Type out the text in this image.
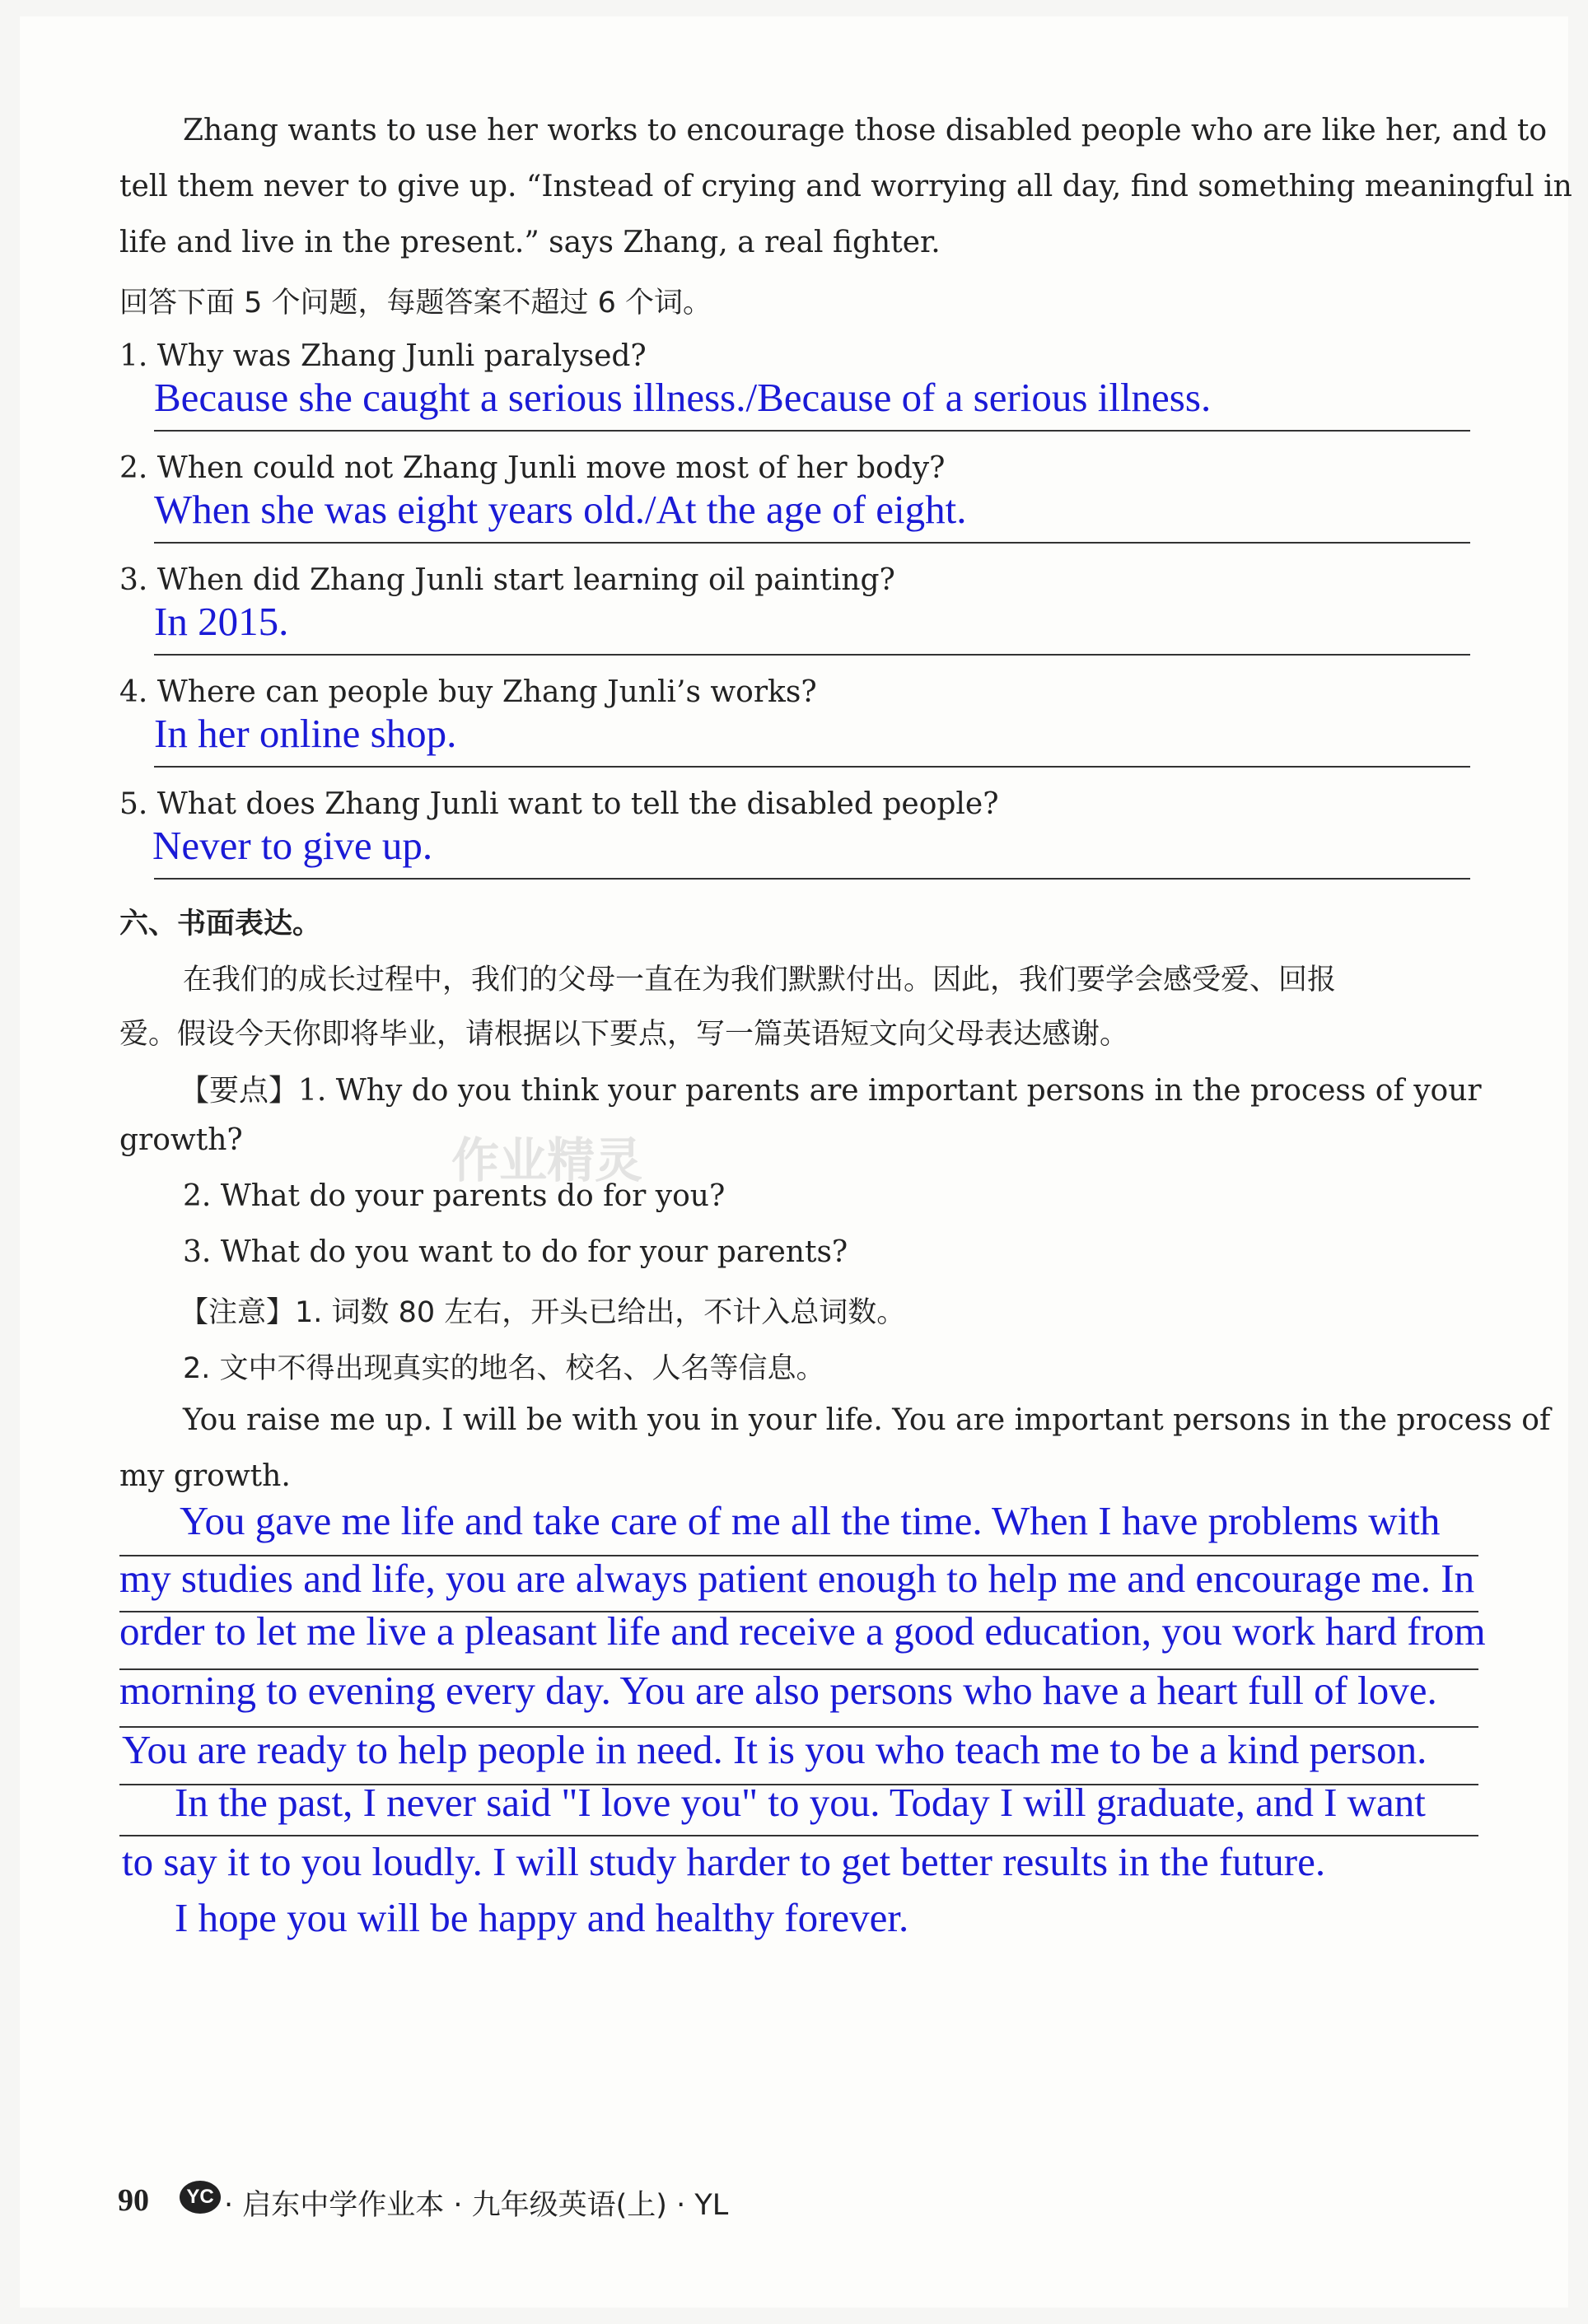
Zhang wants to use her works to encourage those disabled people who are like her, and to
tell them never to give up. “Instead of crying and worrying all day, find something meaningful in
life and live in the present.” says Zhang, a real fighter.
回答下面 5 个问题，每题答案不超过 6 个词。
1. Why was Zhang Junli paralysed?
Because she caught a serious illness./Because of a serious illness.
2. When could not Zhang Junli move most of her body?
When she was eight years old./At the age of eight.
3. When did Zhang Junli start learning oil painting?
In 2015.
4. Where can people buy Zhang Junli’s works?
In her online shop.
5. What does Zhang Junli want to tell the disabled people?
Never to give up.
六、书面表达。
在我们的成长过程中，我们的父母一直在为我们默默付出。因此，我们要学会感受爱、回报
爱。假设今天你即将毕业，请根据以下要点，写一篇英语短文向父母表达感谢。
【要点】1. Why do you think your parents are important persons in the process of your
growth?
2. What do your parents do for you?
3. What do you want to do for your parents?
【注意】1. 词数 80 左右，开头已给出，不计入总词数。
2. 文中不得出现真实的地名、校名、人名等信息。
You raise me up. I will be with you in your life. You are important persons in the process of
my growth.
You gave me life and take care of me all the time. When I have problems with
my studies and life, you are always patient enough to help me and encourage me. In
order to let me live a pleasant life and receive a good education, you work hard from
morning to evening every day. You are also persons who have a heart full of love.
You are ready to help people in need. It is you who teach me to be a kind person.
In the past, I never said "I love you" to you. Today I will graduate, and I want
to say it to you loudly. I will study harder to get better results in the future.
I hope you will be happy and healthy forever.
作业精灵
90	YC · 启东中学作业本 · 九年级英语(上) · YL
